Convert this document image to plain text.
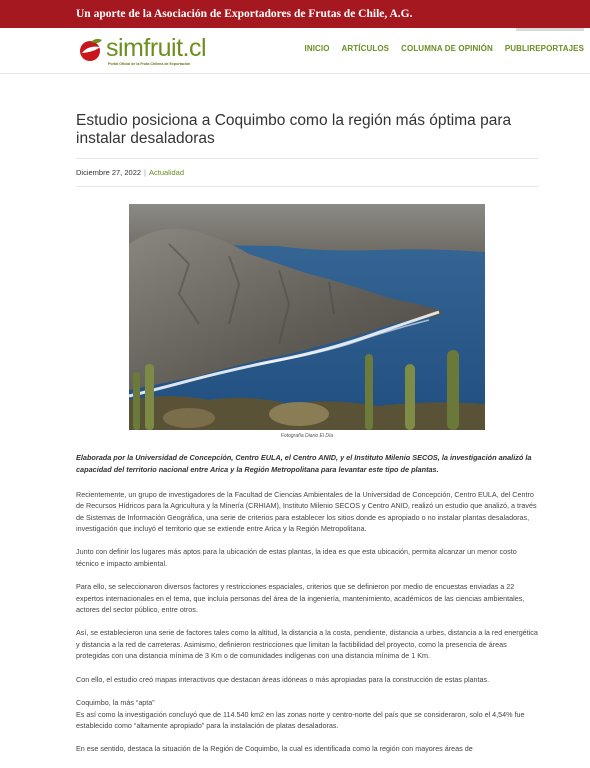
Un aporte de la Asociación de Exportadores de Frutas de Chile, A.G.
simfruit.cl
Portal Oficial de la Fruta Chilena de Exportación
INICIO ARTÍCULOS COLUMNA DE OPINIÓN PUBLIREPORTAJES
Estudio posiciona a Coquimbo como la región más óptima para instalar desaladoras
Diciembre 27, 2022 | Actualidad
Fotografía Diario El Día

Elaborada por la Universidad de Concepción, Centro EULA, el Centro ANID, y el Instituto Milenio SECOS, la investigación analizó la capacidad del territorio nacional entre Arica y la Región Metropolitana para levantar este tipo de plantas.

Recientemente, un grupo de investigadores de la Facultad de Ciencias Ambientales de la Universidad de Concepción, Centro EULA, del Centro de Recursos Hídricos para la Agricultura y la Minería (CRHIAM), Instituto Milenio SECOS y Centro ANID, realizó un estudio que analizó, a través de Sistemas de Información Geográfica, una serie de criterios para establecer los sitios donde es apropiado o no instalar plantas desaladoras, investigación que incluyó el territorio que se extiende entre Arica y la Región Metropolitana.

Junto con definir los lugares más aptos para la ubicación de estas plantas, la idea es que esta ubicación, permita alcanzar un menor costo técnico e impacto ambiental.

Para ello, se seleccionaron diversos factores y restricciones espaciales, criterios que se definieron por medio de encuestas enviadas a 22 expertos internacionales en el tema, que incluía personas del área de la ingeniería, mantenimiento, académicos de las ciencias ambientales, actores del sector público, entre otros.

Así, se establecieron una serie de factores tales como la altitud, la distancia a la costa, pendiente, distancia a urbes, distancia a la red energética y distancia a la red de carreteras. Asimismo, definieron restricciones que limitan la factibilidad del proyecto, como la presencia de áreas protegidas con una distancia mínima de 3 Km o de comunidades indígenas con una distancia mínima de 1 Km.

Con ello, el estudio creó mapas interactivos que destacan áreas idóneas o más apropiadas para la construcción de estas plantas.

Coquimbo, la más “apta”

Es así como la investigación concluyó que de 114.540 km2 en las zonas norte y centro-norte del país que se consideraron, solo el 4,54% fue establecido como “altamente apropiado” para la instalación de platas desaladoras.

En ese sentido, destaca la situación de la Región de Coquimbo, la cual es identificada como la región con mayores áreas de
